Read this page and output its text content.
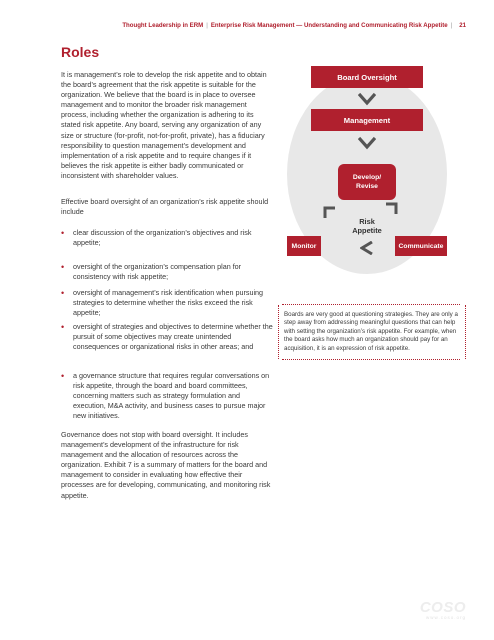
Thought Leadership in ERM | Enterprise Risk Management — Understanding and Communicating Risk Appetite | 21
Roles
It is management’s role to develop the risk appetite and to obtain the board’s agreement that the risk appetite is suitable for the organization. We believe that the board is in place to oversee management and to monitor the broader risk management process, including whether the organization is adhering to its stated risk appetite. Any board, serving any organization of any size or structure (for-profit, not-for-profit, private), has a fiduciary responsibility to question management’s development and implementation of a risk appetite and to require changes if it believes the risk appetite is either badly communicated or inconsistent with shareholder values.
Effective board oversight of an organization’s risk appetite should include
• clear discussion of the organization’s objectives and risk appetite;
• oversight of the organization’s compensation plan for consistency with risk appetite;
• oversight of management’s risk identification when pursuing strategies to determine whether the risks exceed the risk appetite;
• oversight of strategies and objectives to determine whether the pursuit of some objectives may create unintended consequences or organizational risks in other areas; and
• a governance structure that requires regular conversations on risk appetite, through the board and board committees, concerning matters such as strategy formulation and execution, M&A activity, and business cases to pursue major new initiatives.
Governance does not stop with board oversight. It includes management’s development of the infrastructure for risk management and the allocation of resources across the organization. Exhibit 7 is a summary of matters for the board and management to consider in evaluating how effective their processes are for developing, communicating, and monitoring risk appetite.
Board Oversight
Management
Develop/
Revise
Risk
Appetite
Monitor	Communicate
Boards are very good at questioning strategies. They are only a step away from addressing meaningful questions that can help with setting the organization’s risk appetite. For example, when the board asks how much an organization should pay for an acquisition, it is an expression of risk appetite.
COSO
www.coso.org
